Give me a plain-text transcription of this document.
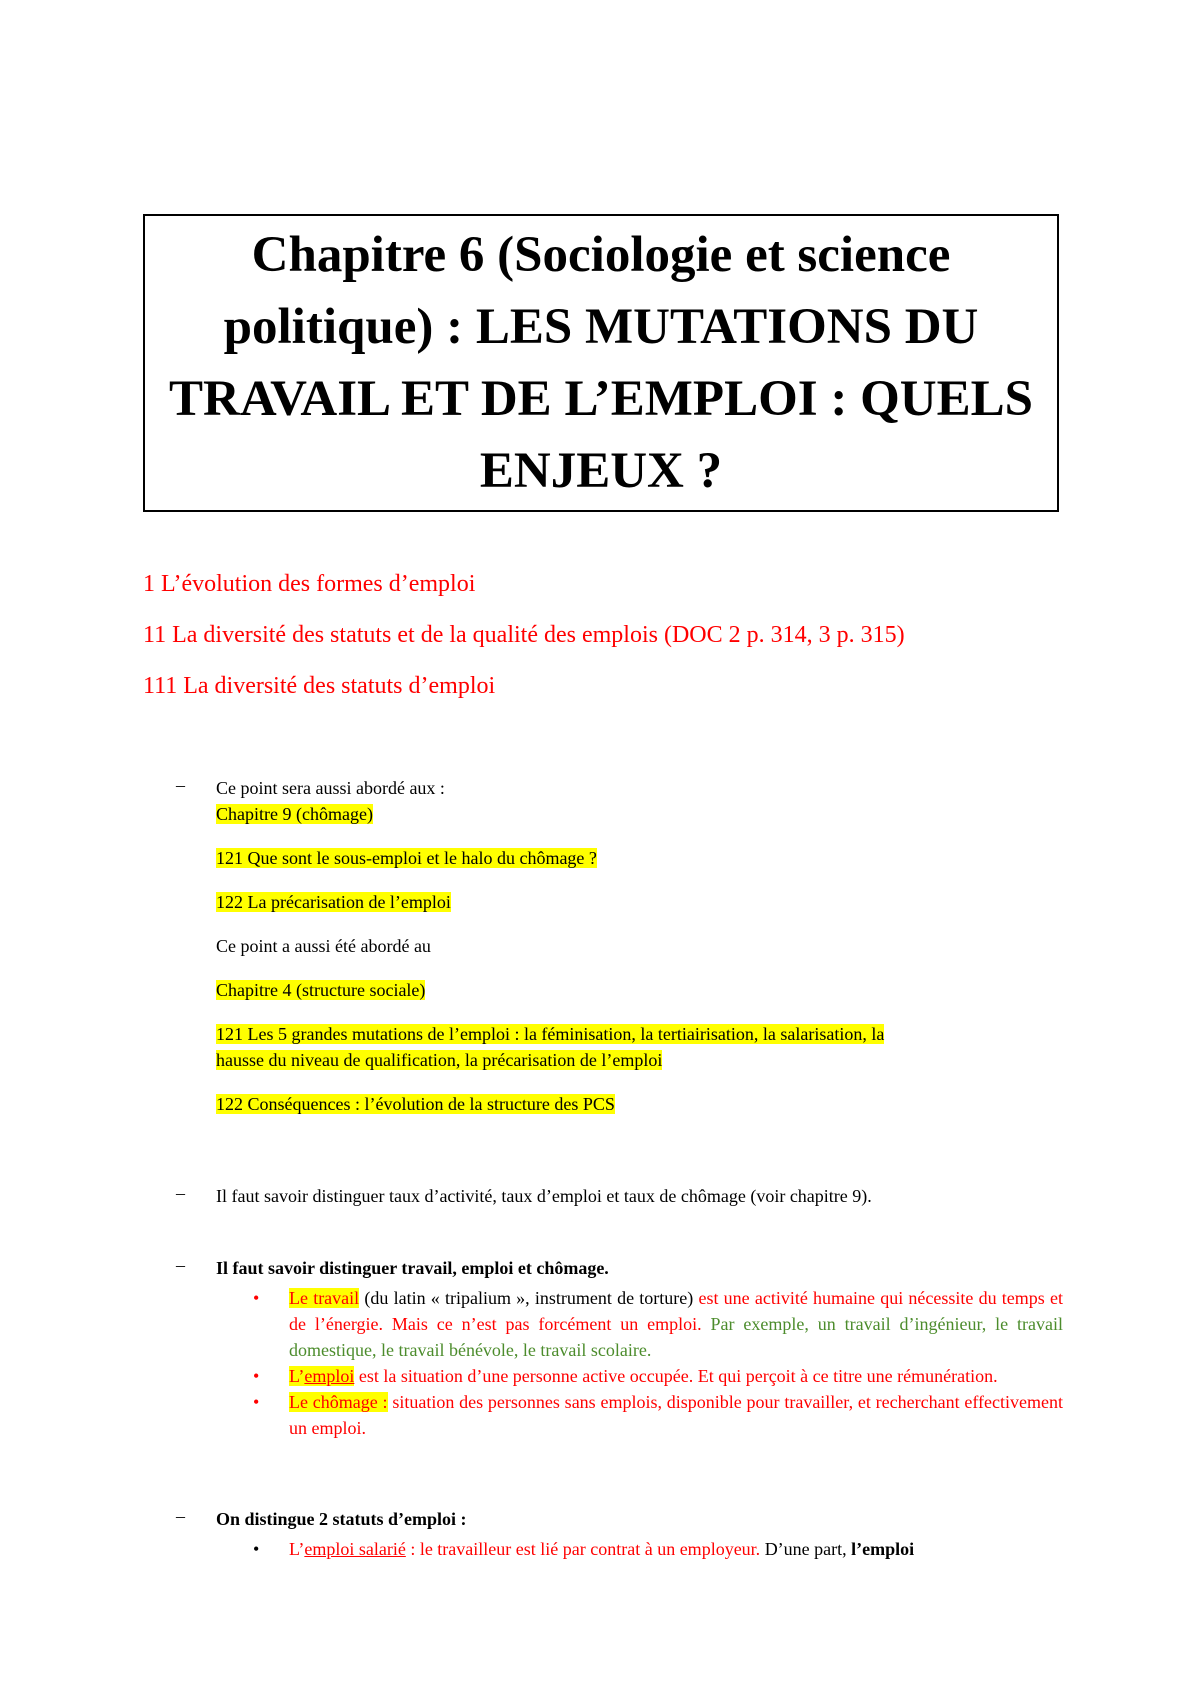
Chapitre 6 (Sociologie et science politique) : LES MUTATIONS DU TRAVAIL ET DE L’EMPLOI : QUELS ENJEUX ?
1 L’évolution des formes d’emploi
11 La diversité des statuts et de la qualité des emplois (DOC 2 p. 314, 3 p. 315)
111 La diversité des statuts d’emploi
– Ce point sera aussi abordé aux :
Chapitre 9 (chômage)
121 Que sont le sous-emploi et le halo du chômage ?
122 La précarisation de l’emploi
Ce point a aussi été abordé au
Chapitre 4 (structure sociale)
121 Les 5 grandes mutations de l’emploi : la féminisation, la tertiairisation, la salarisation, la
hausse du niveau de qualification, la précarisation de l’emploi
122 Conséquences : l’évolution de la structure des PCS
– Il faut savoir distinguer taux d’activité, taux d’emploi et taux de chômage (voir chapitre 9).
– Il faut savoir distinguer travail, emploi et chômage.
• Le travail (du latin « tripalium », instrument de torture) est une activité humaine qui nécessite du temps et de l’énergie. Mais ce n’est pas forcément un emploi. Par exemple, un travail d’ingénieur, le travail domestique, le travail bénévole, le travail scolaire.
• L’emploi est la situation d’une personne active occupée. Et qui perçoit à ce titre une rémunération.
• Le chômage : situation des personnes sans emplois, disponible pour travailler, et recherchant effectivement un emploi.
– On distingue 2 statuts d’emploi :
• L’emploi salarié : le travailleur est lié par contrat à un employeur. D’une part, l’emploi
